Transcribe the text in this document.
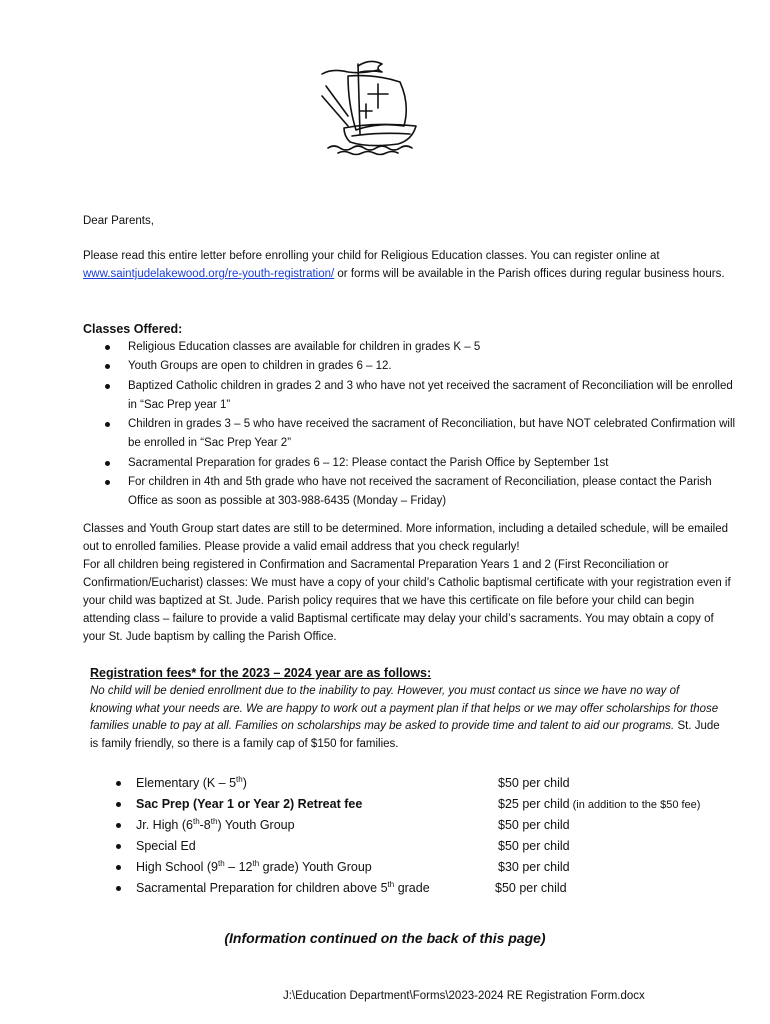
Dear Parents,

Please read this entire letter before enrolling your child for Religious Education classes. You can register online at www.saintjudelakewood.org/re-youth-registration/ or forms will be available in the Parish offices during regular business hours.

Classes Offered:

Religious Education classes are available for children in grades K – 5
Youth Groups are open to children in grades 6 – 12.
Baptized Catholic children in grades 2 and 3 who have not yet received the sacrament of Reconciliation will be enrolled in “Sac Prep year 1”
Children in grades 3 – 5 who have received the sacrament of Reconciliation, but have NOT celebrated Confirmation will be enrolled in “Sac Prep Year 2”
Sacramental Preparation for grades 6 – 12: Please contact the Parish Office by September 1st
For children in 4th and 5th grade who have not received the sacrament of Reconciliation, please contact the Parish Office as soon as possible at 303-988-6435 (Monday – Friday)

Classes and Youth Group start dates are still to be determined. More information, including a detailed schedule, will be emailed out to enrolled families. Please provide a valid email address that you check regularly!

For all children being registered in Confirmation and Sacramental Preparation Years 1 and 2 (First Reconciliation or Confirmation/Eucharist) classes: We must have a copy of your child’s Catholic baptismal certificate with your registration even if your child was baptized at St. Jude. Parish policy requires that we have this certificate on file before your child can begin attending class – failure to provide a valid Baptismal certificate may delay your child’s sacraments. You may obtain a copy of your St. Jude baptism by calling the Parish Office.

Registration fees* for the 2023 – 2024 year are as follows:

No child will be denied enrollment due to the inability to pay. However, you must contact us since we have no way of knowing what your needs are. We are happy to work out a payment plan if that helps or we may offer scholarships for those families unable to pay at all. Families on scholarships may be asked to provide time and talent to aid our programs. St. Jude is family friendly, so there is a family cap of $150 for families.

Elementary (K – 5th)	$50 per child
Sac Prep (Year 1 or Year 2) Retreat fee	$25 per child (in addition to the $50 fee)
Jr. High (6th-8th) Youth Group	$50 per child
Special Ed	$50 per child
High School (9th – 12th grade) Youth Group	$30 per child
Sacramental Preparation for children above 5th grade	$50 per child
(Information continued on the back of this page)
J:\Education Department\Forms\2023-2024 RE Registration Form.docx
